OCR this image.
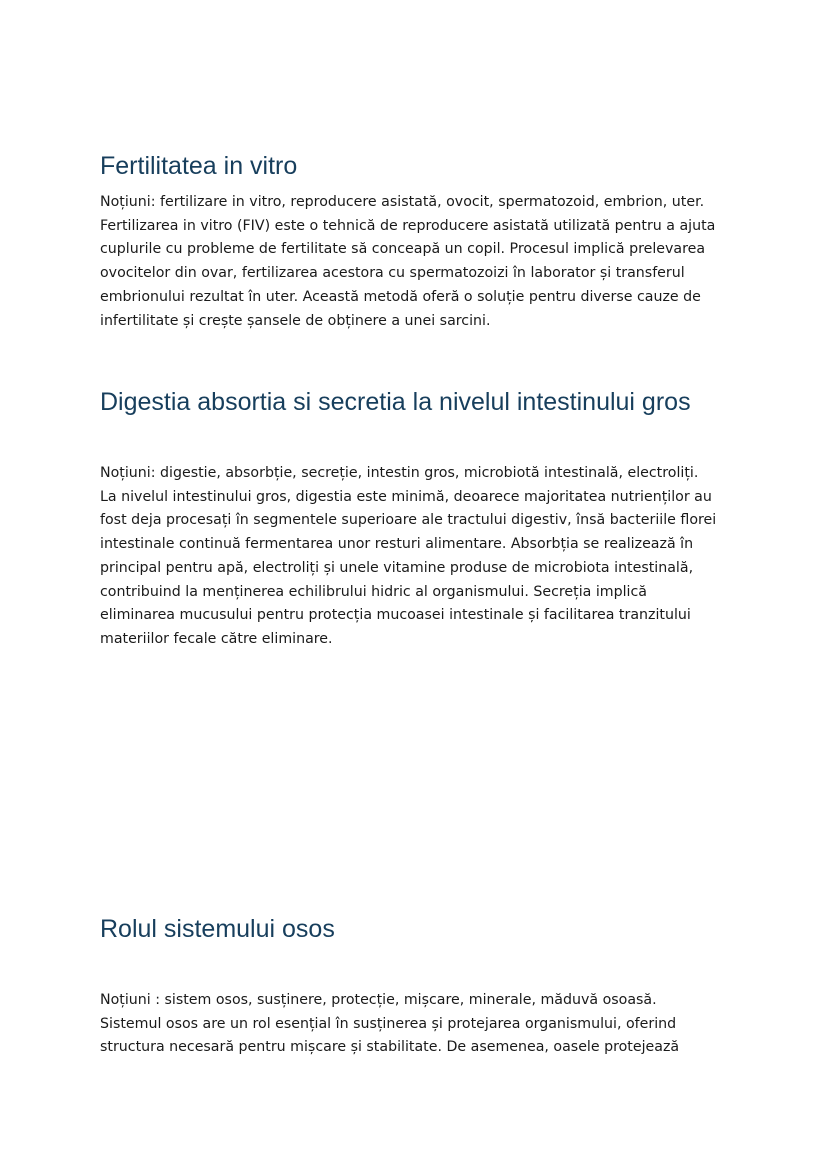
Fertilitatea in vitro

Noțiuni: fertilizare in vitro, reproducere asistată, ovocit, spermatozoid, embrion, uter.
Fertilizarea in vitro (FIV) este o tehnică de reproducere asistată utilizată pentru a ajuta
cuplurile cu probleme de fertilitate să conceapă un copil. Procesul implică prelevarea
ovocitelor din ovar, fertilizarea acestora cu spermatozoizi în laborator și transferul
embrionului rezultat în uter. Această metodă oferă o soluție pentru diverse cauze de
infertilitate și crește șansele de obținere a unei sarcini.

Digestia absortia si secretia la nivelul intestinului gros

Noțiuni: digestie, absorbție, secreție, intestin gros, microbiotă intestinală, electroliți.
La nivelul intestinului gros, digestia este minimă, deoarece majoritatea nutrienților au
fost deja procesați în segmentele superioare ale tractului digestiv, însă bacteriile florei
intestinale continuă fermentarea unor resturi alimentare. Absorbția se realizează în
principal pentru apă, electroliți și unele vitamine produse de microbiota intestinală,
contribuind la menținerea echilibrului hidric al organismului. Secreția implică
eliminarea mucusului pentru protecția mucoasei intestinale și facilitarea tranzitului
materiilor fecale către eliminare.

Rolul sistemului osos

Noțiuni : sistem osos, susținere, protecție, mișcare, minerale, măduvă osoasă.
Sistemul osos are un rol esențial în susținerea și protejarea organismului, oferind
structura necesară pentru mișcare și stabilitate. De asemenea, oasele protejează
